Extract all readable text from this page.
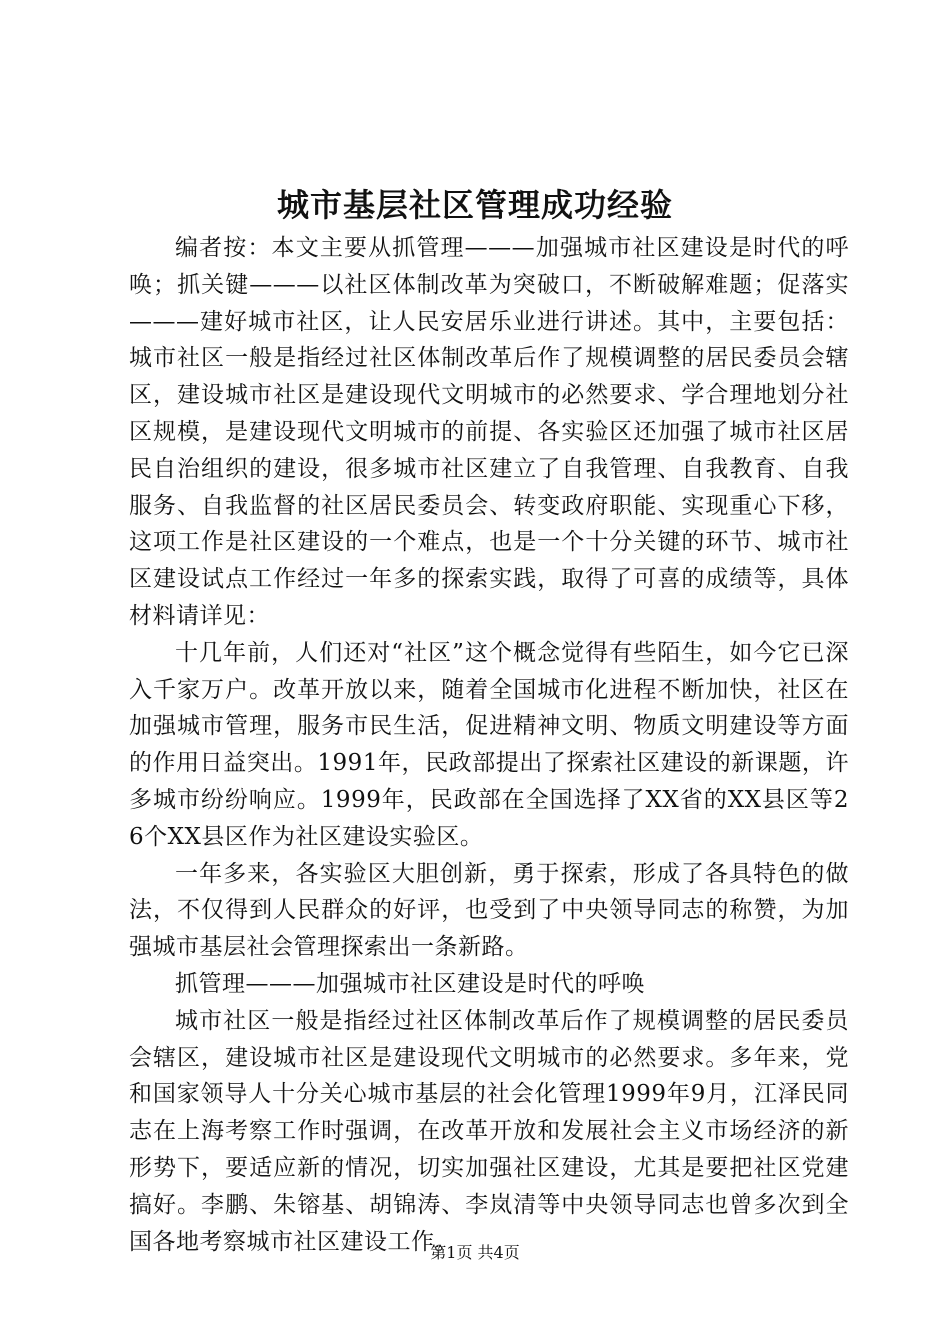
城市基层社区管理成功经验

编者按：本文主要从抓管理———加强城市社区建设是时代的呼唤；抓关键———以社区体制改革为突破口，不断破解难题；促落实———建好城市社区，让人民安居乐业进行讲述。其中，主要包括：城市社区一般是指经过社区体制改革后作了规模调整的居民委员会辖区，建设城市社区是建设现代文明城市的必然要求、学合理地划分社区规模，是建设现代文明城市的前提、各实验区还加强了城市社区居民自治组织的建设，很多城市社区建立了自我管理、自我教育、自我服务、自我监督的社区居民委员会、转变政府职能、实现重心下移，这项工作是社区建设的一个难点，也是一个十分关键的环节、城市社区建设试点工作经过一年多的探索实践，取得了可喜的成绩等，具体材料请详见：

十几年前，人们还对“社区”这个概念觉得有些陌生，如今它已深入千家万户。改革开放以来，随着全国城市化进程不断加快，社区在加强城市管理，服务市民生活，促进精神文明、物质文明建设等方面的作用日益突出。1991年，民政部提出了探索社区建设的新课题，许多城市纷纷响应。1999年，民政部在全国选择了XX省的XX县区等26个XX县区作为社区建设实验区。

一年多来，各实验区大胆创新，勇于探索，形成了各具特色的做法，不仅得到人民群众的好评，也受到了中央领导同志的称赞，为加强城市基层社会管理探索出一条新路。

抓管理———加强城市社区建设是时代的呼唤

城市社区一般是指经过社区体制改革后作了规模调整的居民委员会辖区，建设城市社区是建设现代文明城市的必然要求。多年来，党和国家领导人十分关心城市基层的社会化管理1999年9月，江泽民同志在上海考察工作时强调，在改革开放和发展社会主义市场经济的新形势下，要适应新的情况，切实加强社区建设，尤其是要把社区党建搞好。李鹏、朱镕基、胡锦涛、李岚清等中央领导同志也曾多次到全国各地考察城市社区建设工作。

第1页 共4页
